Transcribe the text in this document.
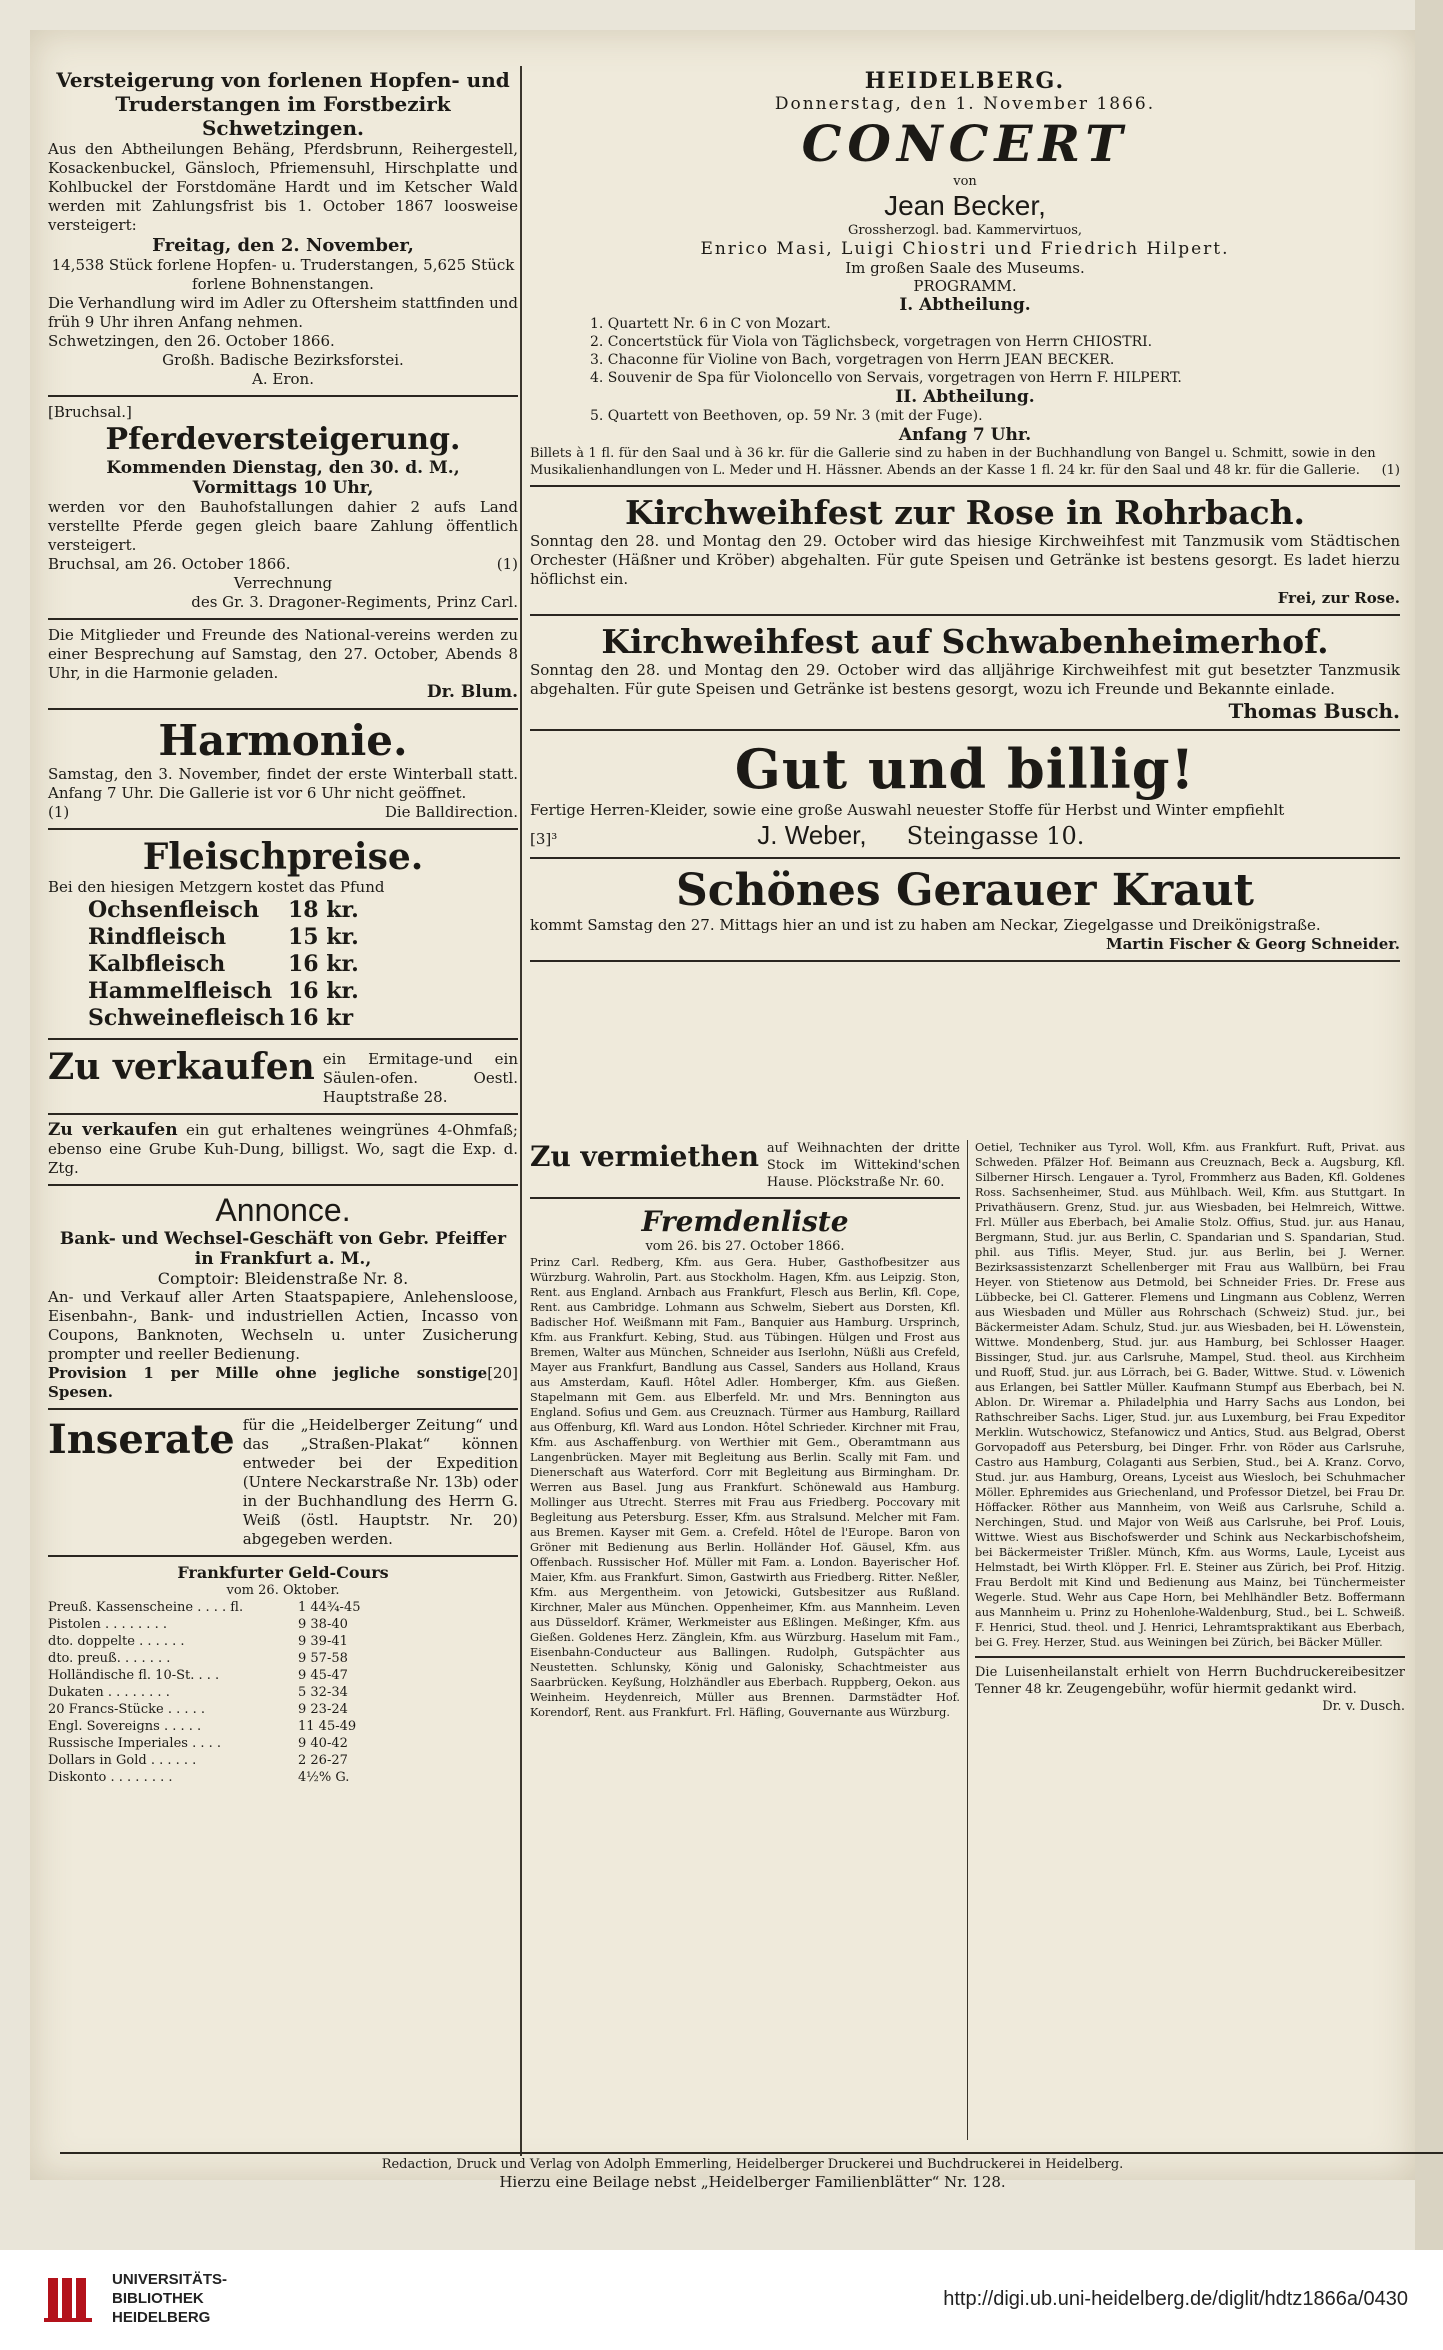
Versteigerung von forlenen Hopfen- und Truderstangen im Forstbezirk Schwetzingen.
Aus den Abtheilungen Behäng, Pferdsbrunn, Reihergestell, Kosackenbuckel, Gänsloch, Pfriemensuhl, Hirschplatte und Kohlbuckel der Forstdomäne Hardt und im Ketscher Wald werden mit Zahlungsfrist bis 1. October 1867 loosweise versteigert:
Freitag, den 2. November,
14,538 Stück forlene Hopfen- u. Truderstangen, 5,625 Stück forlene Bohnenstangen.
Die Verhandlung wird im Adler zu Oftersheim stattfinden und früh 9 Uhr ihren Anfang nehmen.
Schwetzingen, den 26. October 1866.
Großh. Badische Bezirksforstei.
A. Eron.
[Bruchsal.]
Pferdeversteigerung.
Kommenden Dienstag, den 30. d. M.,
Vormittags 10 Uhr,
werden vor den Bauhofstallungen dahier 2 aufs Land verstellte Pferde gegen gleich baare Zahlung öffentlich versteigert.
Bruchsal, am 26. October 1866.	(1)
Verrechnung
des Gr. 3. Dragoner-Regiments, Prinz Carl.
Die Mitglieder und Freunde des National-vereins werden zu einer Besprechung auf Samstag, den 27. October, Abends 8 Uhr, in die Harmonie geladen.
Dr. Blum.
Harmonie.
Samstag, den 3. November, findet der erste Winterball statt. Anfang 7 Uhr. Die Gallerie ist vor 6 Uhr nicht geöffnet.
(1)	Die Balldirection.
Fleischpreise.
Bei den hiesigen Metzgern kostet das Pfund
Ochsenfleisch	18 kr.
Rindfleisch	15 kr.
Kalbfleisch	16 kr.
Hammelfleisch 16 kr.
Schweinefleisch 16 kr
Zu verkaufen ein Ermitage-und ein Säulen-ofen. Oestl. Hauptstraße 28.
Zu verkaufen ein gut erhaltenes weingrünes 4-Ohmfaß; ebenso eine Grube Kuh-Dung, billigst. Wo, sagt die Exp. d. Ztg.
Annonce.
Bank- und Wechsel-Geschäft von Gebr. Pfeiffer in Frankfurt a. M.,
Comptoir: Bleidenstraße Nr. 8.
An- und Verkauf aller Arten Staatspapiere, Anlehensloose, Eisenbahn-, Bank- und industriellen Actien, Incasso von Coupons, Banknoten, Wechseln u. unter Zusicherung prompter und reeller Bedienung.
Provision 1 per Mille ohne jegliche sonstige Spesen.
[20]
Inserate für die „Heidelberger Zeitung“ und das „Straßen-Plakat“ können entweder bei der Expedition (Untere Neckarstraße Nr. 13b) oder in der Buchhandlung des Herrn G. Weiß (östl. Hauptstr. Nr. 20) abgegeben werden.
Frankfurter Geld-Cours
vom 26. Oktober.
Preuß. Kassenscheine . . . . fl.	1 44¾-45
Pistolen . . . . . . . .	9 38-40
dto. doppelte . . . . . .	9 39-41
dto. preuß. . . . . . .	9 57-58
Holländische fl. 10-St. . . .	9 45-47
Dukaten . . . . . . . .	5 32-34
20 Francs-Stücke . . . . .	9 23-24
Engl. Sovereigns . . . . .	11 45-49
Russische Imperiales . . . .	9 40-42
Dollars in Gold . . . . . .	2 26-27
Diskonto . . . . . . . .	4½% G.
HEIDELBERG.
Donnerstag, den 1. November 1866.
CONCERT
von
Jean Becker,
Grossherzogl. bad. Kammervirtuos,
Enrico Masi, Luigi Chiostri und Friedrich Hilpert.
Im großen Saale des Museums.
PROGRAMM.
I. Abtheilung.
1. Quartett Nr. 6 in C von Mozart.
2. Concertstück für Viola von Täglichsbeck, vorgetragen von Herrn CHIOSTRI.
3. Chaconne für Violine von Bach, vorgetragen von Herrn JEAN BECKER.
4. Souvenir de Spa für Violoncello von Servais, vorgetragen von Herrn F. HILPERT.
II. Abtheilung.
5. Quartett von Beethoven, op. 59 Nr. 3 (mit der Fuge).
Anfang 7 Uhr.
Billets à 1 fl. für den Saal und à 36 kr. für die Gallerie sind zu haben in der Buchhandlung von Bangel u. Schmitt, sowie in den Musikalienhandlungen von L. Meder und H. Hässner. Abends an der Kasse 1 fl. 24 kr. für den Saal und 48 kr. für die Gallerie.	(1)
Kirchweihfest zur Rose in Rohrbach.
Sonntag den 28. und Montag den 29. October wird das hiesige Kirchweihfest mit Tanzmusik vom Städtischen Orchester (Häßner und Kröber) abgehalten. Für gute Speisen und Getränke ist bestens gesorgt. Es ladet hierzu höflichst ein.
Frei, zur Rose.
Kirchweihfest auf Schwabenheimerhof.
Sonntag den 28. und Montag den 29. October wird das alljährige Kirchweihfest mit gut besetzter Tanzmusik abgehalten. Für gute Speisen und Getränke ist bestens gesorgt, wozu ich Freunde und Bekannte einlade.
Thomas Busch.
Gut und billig!
Fertige Herren-Kleider, sowie eine große Auswahl neuester Stoffe für Herbst und Winter empfiehlt
[3]³	J. Weber, Steingasse 10.
Schönes Gerauer Kraut
kommt Samstag den 27. Mittags hier an und ist zu haben am Neckar, Ziegelgasse und Dreikönigstraße.
Martin Fischer & Georg Schneider.
Zu vermiethen auf Weihnachten der dritte Stock im Wittekind'schen Hause. Plöckstraße Nr. 60.
Fremdenliste
vom 26. bis 27. October 1866.
Prinz Carl. Redberg, Kfm. aus Gera. Huber, Gasthofbesitzer aus Würzburg. Wahrolin, Part. aus Stockholm. Hagen, Kfm. aus Leipzig. Ston, Rent. aus England. Arnbach aus Frankfurt, Flesch aus Berlin, Kfl. Cope, Rent. aus Cambridge. Lohmann aus Schwelm, Siebert aus Dorsten, Kfl. Badischer Hof. Weißmann mit Fam., Banquier aus Hamburg. Ursprinch, Kfm. aus Frankfurt. Kebing, Stud. aus Tübingen. Hülgen und Frost aus Bremen, Walter aus München, Schneider aus Iserlohn, Nüßli aus Crefeld, Mayer aus Frankfurt, Bandlung aus Cassel, Sanders aus Holland, Kraus aus Amsterdam, Kaufl. Hôtel Adler. Homberger, Kfm. aus Gießen. Stapelmann mit Gem. aus Elberfeld. Mr. und Mrs. Bennington aus England. Sofius und Gem. aus Creuznach. Türmer aus Hamburg, Raillard aus Offenburg, Kfl. Ward aus London. Hôtel Schrieder. Kirchner mit Frau, Kfm. aus Aschaffenburg. von Werthier mit Gem., Oberamtmann aus Langenbrücken. Mayer mit Begleitung aus Berlin. Scally mit Fam. und Dienerschaft aus Waterford. Corr mit Begleitung aus Birmingham. Dr. Werren aus Basel. Jung aus Frankfurt. Schönewald aus Hamburg. Mollinger aus Utrecht. Sterres mit Frau aus Friedberg. Poccovary mit Begleitung aus Petersburg. Esser, Kfm. aus Stralsund. Melcher mit Fam. aus Bremen. Kayser mit Gem. a. Crefeld. Hôtel de l'Europe. Baron von Gröner mit Bedienung aus Berlin. Holländer Hof. Gäusel, Kfm. aus Offenbach. Russischer Hof. Müller mit Fam. a. London. Bayerischer Hof. Maier, Kfm. aus Frankfurt. Simon, Gastwirth aus Friedberg. Ritter. Neßler, Kfm. aus Mergentheim. von Jetowicki, Gutsbesitzer aus Rußland. Kirchner, Maler aus München. Oppenheimer, Kfm. aus Mannheim. Leven aus Düsseldorf. Krämer, Werkmeister aus Eßlingen. Meßinger, Kfm. aus Gießen. Goldenes Herz. Zänglein, Kfm. aus Würzburg. Haselum mit Fam., Eisenbahn-Conducteur aus Ballingen. Rudolph, Gutspächter aus Neustetten. Schlunsky, König und Galonisky, Schachtmeister aus Saarbrücken. Keyßung, Holzhändler aus Eberbach. Ruppberg, Oekon. aus Weinheim. Heydenreich, Müller aus Brennen. Darmstädter Hof. Korendorf, Rent. aus Frankfurt. Frl. Häfling, Gouvernante aus Würzburg.
Oetiel, Techniker aus Tyrol. Woll, Kfm. aus Frankfurt. Ruft, Privat. aus Schweden. Pfälzer Hof. Beimann aus Creuznach, Beck a. Augsburg, Kfl. Silberner Hirsch. Lengauer a. Tyrol, Frommherz aus Baden, Kfl. Goldenes Ross. Sachsenheimer, Stud. aus Mühlbach. Weil, Kfm. aus Stuttgart. In Privathäusern. Grenz, Stud. jur. aus Wiesbaden, bei Helmreich, Wittwe. Frl. Müller aus Eberbach, bei Amalie Stolz. Offius, Stud. jur. aus Hanau, Bergmann, Stud. jur. aus Berlin, C. Spandarian und S. Spandarian, Stud. phil. aus Tiflis. Meyer, Stud. jur. aus Berlin, bei J. Werner. Bezirksassistenzarzt Schellenberger mit Frau aus Wallbürn, bei Frau Heyer. von Stietenow aus Detmold, bei Schneider Fries. Dr. Frese aus Lübbecke, bei Cl. Gatterer. Flemens und Lingmann aus Coblenz, Werren aus Wiesbaden und Müller aus Rohrschach (Schweiz) Stud. jur., bei Bäckermeister Adam. Schulz, Stud. jur. aus Wiesbaden, bei H. Löwenstein, Wittwe. Mondenberg, Stud. jur. aus Hamburg, bei Schlosser Haager. Bissinger, Stud. jur. aus Carlsruhe, Mampel, Stud. theol. aus Kirchheim und Ruoff, Stud. jur. aus Lörrach, bei G. Bader, Wittwe. Stud. v. Löwenich aus Erlangen, bei Sattler Müller. Kaufmann Stumpf aus Eberbach, bei N. Ablon. Dr. Wiremar a. Philadelphia und Harry Sachs aus London, bei Rathschreiber Sachs. Liger, Stud. jur. aus Luxemburg, bei Frau Expeditor Merklin. Wutschowicz, Stefanowicz und Antics, Stud. aus Belgrad, Oberst Gorvopadoff aus Petersburg, bei Dinger. Frhr. von Röder aus Carlsruhe, Castro aus Hamburg, Colaganti aus Serbien, Stud., bei A. Kranz. Corvo, Stud. jur. aus Hamburg, Oreans, Lyceist aus Wiesloch, bei Schuhmacher Möller. Ephremides aus Griechenland, und Professor Dietzel, bei Frau Dr. Höffacker. Röther aus Mannheim, von Weiß aus Carlsruhe, Schild a. Nerchingen, Stud. und Major von Weiß aus Carlsruhe, bei Prof. Louis, Wittwe. Wiest aus Bischofswerder und Schink aus Neckarbischofsheim, bei Bäckermeister Trißler. Münch, Kfm. aus Worms, Laule, Lyceist aus Helmstadt, bei Wirth Klöpper. Frl. E. Steiner aus Zürich, bei Prof. Hitzig. Frau Berdolt mit Kind und Bedienung aus Mainz, bei Tünchermeister Wegerle. Stud. Wehr aus Cape Horn, bei Mehlhändler Betz. Boffermann aus Mannheim u. Prinz zu Hohenlohe-Waldenburg, Stud., bei L. Schweiß. F. Henrici, Stud. theol. und J. Henrici, Lehramtspraktikant aus Eberbach, bei G. Frey. Herzer, Stud. aus Weiningen bei Zürich, bei Bäcker Müller.
Die Luisenheilanstalt erhielt von Herrn Buchdruckereibesitzer Tenner 48 kr. Zeugengebühr, wofür hiermit gedankt wird.
Dr. v. Dusch.
Redaction, Druck und Verlag von Adolph Emmerling, Heidelberger Druckerei und Buchdruckerei in Heidelberg.
Hierzu eine Beilage nebst „Heidelberger Familienblätter“ Nr. 128.
UNIVERSITÄTS-
BIBLIOTHEK
HEIDELBERG
http://digi.ub.uni-heidelberg.de/diglit/hdtz1866a/0430
